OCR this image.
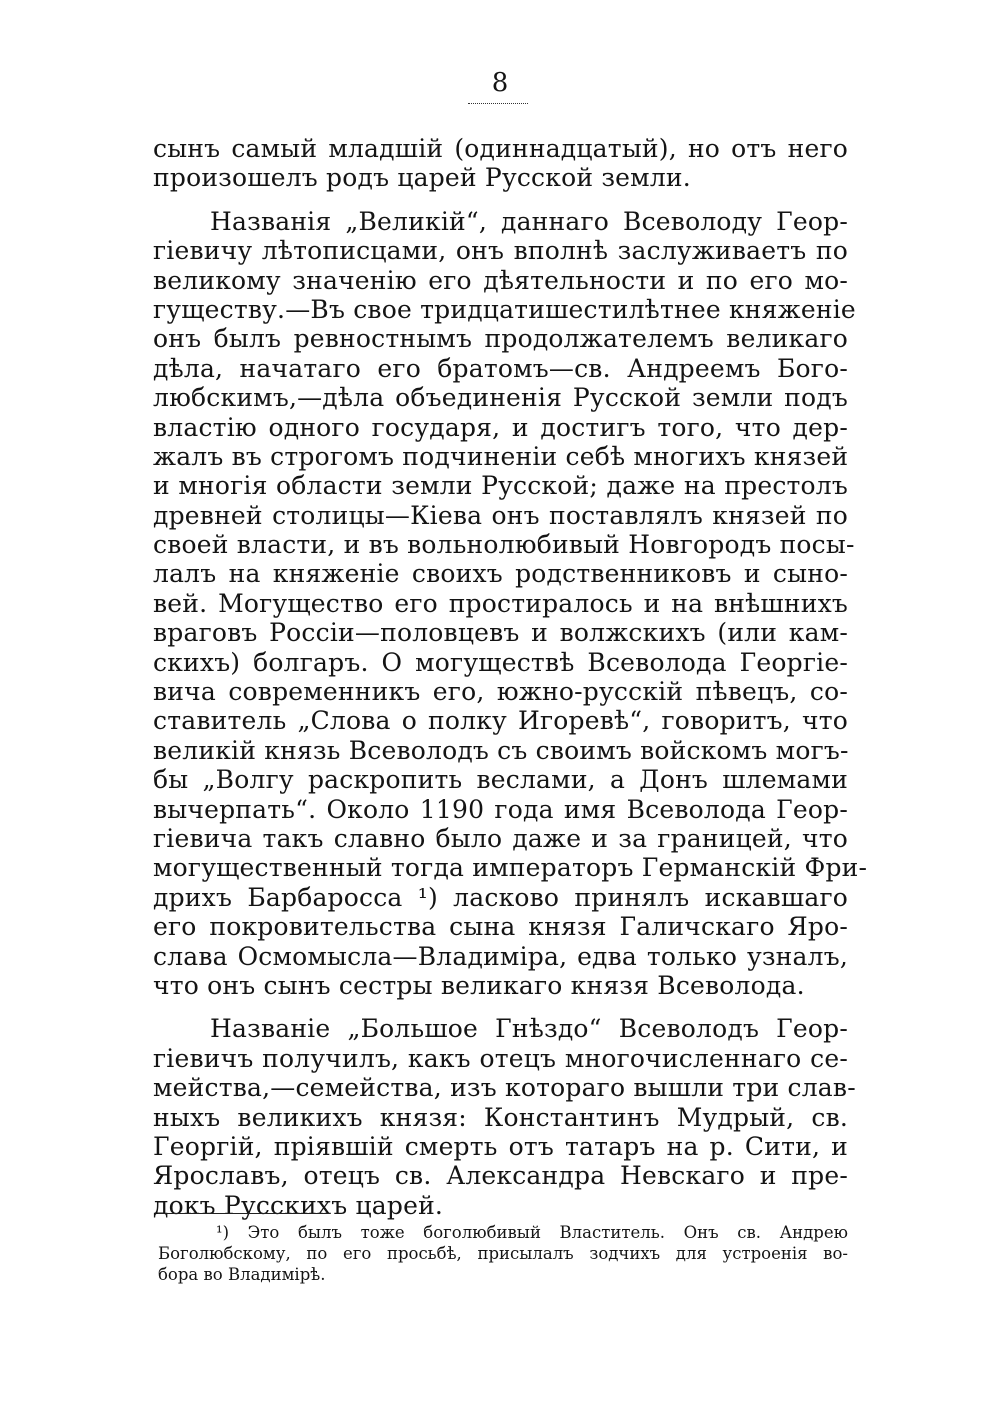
8
сынъ самый младшій (одиннадцатый), но отъ него
произошелъ родъ царей Русской земли.
Названія „Великій“, даннаго Всеволоду Геор-
гіевичу лѣтописцами, онъ вполнѣ заслуживаетъ по
великому значенію его дѣятельности и по его мо-
гуществу.—Въ свое тридцатишестилѣтнее княженіе
онъ былъ ревностнымъ продолжателемъ великаго
дѣла, начатаго его братомъ—св. Андреемъ Бого-
любскимъ,—дѣла объединенія Русской земли подъ
властію одного государя, и достигъ того, что дер-
жалъ въ строгомъ подчиненіи себѣ многихъ князей
и многія области земли Русской; даже на престолъ
древней столицы—Кіева онъ поставлялъ князей по
своей власти, и въ вольнолюбивый Новгородъ посы-
лалъ на княженіе своихъ родственниковъ и сыно-
вей. Могущество его простиралось и на внѣшнихъ
враговъ Россіи—половцевъ и волжскихъ (или кам-
скихъ) болгаръ. О могуществѣ Всеволода Георгіе-
вича современникъ его, южно-русскій пѣвецъ, со-
ставитель „Слова о полку Игоревѣ“, говоритъ, что
великій князь Всеволодъ съ своимъ войскомъ могъ-
бы „Волгу раскропить веслами, а Донъ шлемами
вычерпать“. Около 1190 года имя Всеволода Геор-
гіевича такъ славно было даже и за границей, что
могущественный тогда императоръ Германскій Фри-
дрихъ Барбаросса ¹) ласково принялъ искавшаго
его покровительства сына князя Галичскаго Яро-
слава Осмомысла—Владиміра, едва только узналъ,
что онъ сынъ сестры великаго князя Всеволода.
Названіе „Большое Гнѣздо“ Всеволодъ Геор-
гіевичъ получилъ, какъ отецъ многочисленнаго се-
мейства,—семейства, изъ котораго вышли три слав-
ныхъ великихъ князя: Константинъ Мудрый, св.
Георгій, пріявшій смерть отъ татаръ на р. Сити, и
Ярославъ, отецъ св. Александра Невскаго и пре-
докъ Русскихъ царей.
¹) Это былъ тоже боголюбивый Властитель. Онъ св. Андрею
Боголюбскому, по его просьбѣ, присылалъ зодчихъ для устроенія во-
бора во Владимірѣ.
